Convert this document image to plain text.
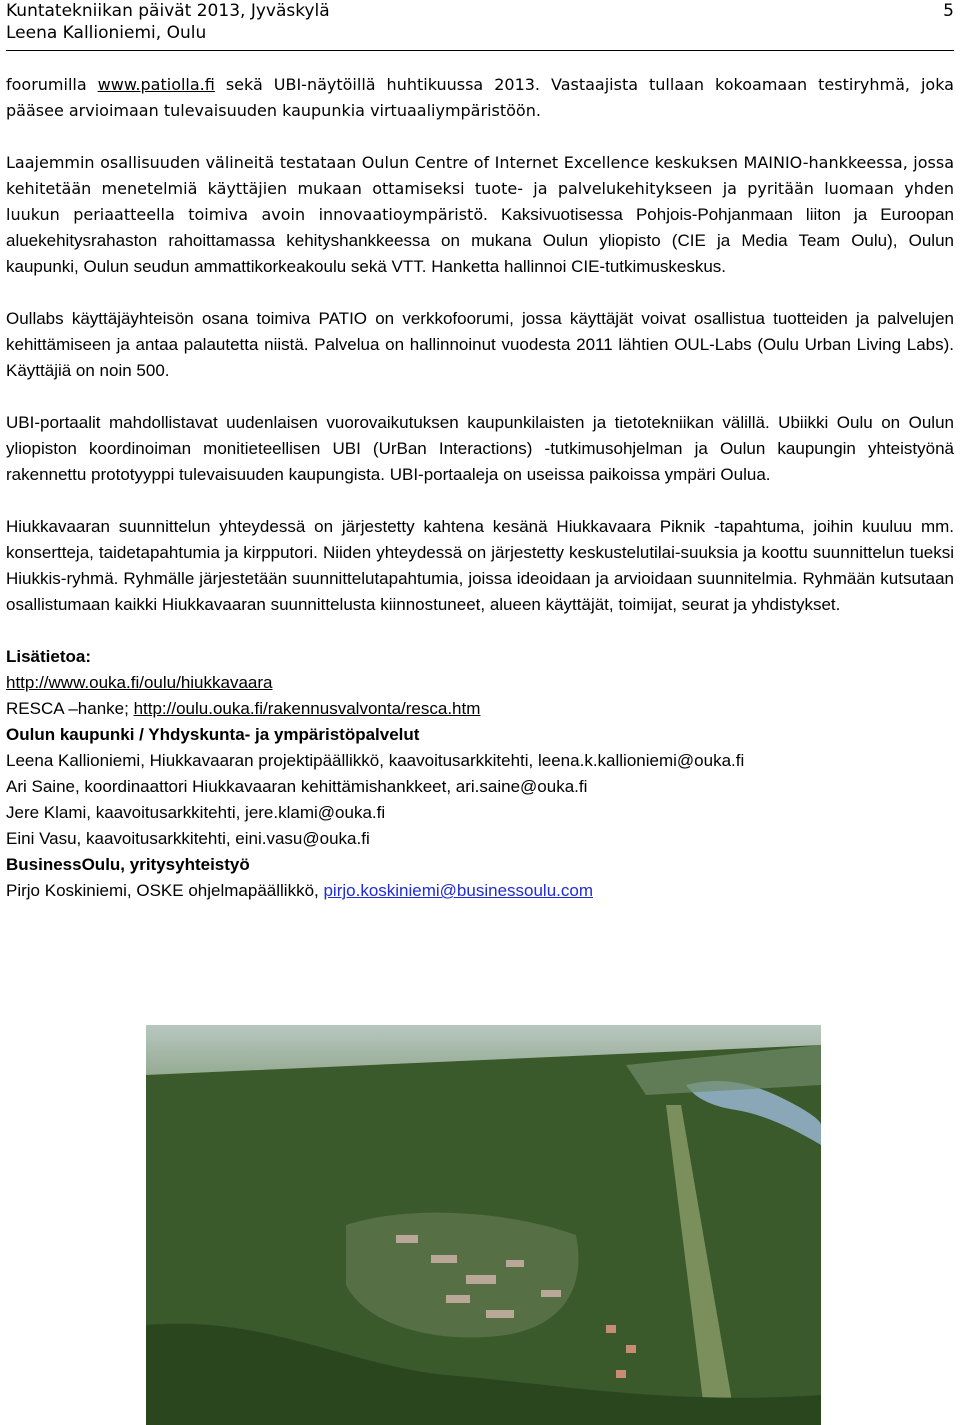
Kuntatekniikan päivät 2013, Jyväskylä
Leena Kallioniemi, Oulu
5

foorumilla www.patiolla.fi sekä UBI-näytöillä huhtikuussa 2013. Vastaajista tullaan kokoamaan testiryhmä, joka pääsee arvioimaan tulevaisuuden kaupunkia virtuaaliympäristöön.

Laajemmin osallisuuden välineitä testataan Oulun Centre of Internet Excellence keskuksen MAINIO-hankkeessa, jossa kehitetään menetelmiä käyttäjien mukaan ottamiseksi tuote- ja palvelukehitykseen ja pyritään luomaan yhden luukun periaatteella toimiva avoin innovaatioympäristö. Kaksivuotisessa Pohjois-Pohjanmaan liiton ja Euroopan aluekehitysrahaston rahoittamassa kehityshankkeessa on mukana Oulun yliopisto (CIE ja Media Team Oulu), Oulun kaupunki, Oulun seudun ammattikorkeakoulu sekä VTT. Hanketta hallinnoi CIE-tutkimuskeskus.

Oullabs käyttäjäyhteisön osana toimiva PATIO on verkkofoorumi, jossa käyttäjät voivat osallistua tuotteiden ja palvelujen kehittämiseen ja antaa palautetta niistä. Palvelua on hallinnoinut vuodesta 2011 lähtien OUL-Labs (Oulu Urban Living Labs). Käyttäjiä on noin 500.

UBI-portaalit mahdollistavat uudenlaisen vuorovaikutuksen kaupunkilaisten ja tietotekniikan välillä. Ubiikki Oulu on Oulun yliopiston koordinoiman monitieteellisen UBI (UrBan Interactions) -tutkimusohjelman ja Oulun kaupungin yhteistyönä rakennettu prototyyppi tulevaisuuden kaupungista. UBI-portaaleja on useissa paikoissa ympäri Oulua.

Hiukkavaaran suunnittelun yhteydessä on järjestetty kahtena kesänä Hiukkavaara Piknik -tapahtuma, joihin kuuluu mm. konsertteja, taidetapahtumia ja kirpputori. Niiden yhteydessä on järjestetty keskustelutilai-suuksia ja koottu suunnittelun tueksi Hiukkis-ryhmä. Ryhmälle järjestetään suunnittelutapahtumia, joissa ideoidaan ja arvioidaan suunnitelmia. Ryhmään kutsutaan osallistumaan kaikki Hiukkavaaran suunnittelusta kiinnostuneet, alueen käyttäjät, toimijat, seurat ja yhdistykset.

Lisätietoa:

http://www.ouka.fi/oulu/hiukkavaara

RESCA –hanke; http://oulu.ouka.fi/rakennusvalvonta/resca.htm

Oulun kaupunki / Yhdyskunta- ja ympäristöpalvelut

Leena Kallioniemi, Hiukkavaaran projektipäällikkö, kaavoitusarkkitehti, leena.k.kallioniemi@ouka.fi

Ari Saine, koordinaattori Hiukkavaaran kehittämishankkeet, ari.saine@ouka.fi

Jere Klami, kaavoitusarkkitehti, jere.klami@ouka.fi

Eini Vasu, kaavoitusarkkitehti, eini.vasu@ouka.fi

BusinessOulu, yritysyhteistyö

Pirjo Koskiniemi, OSKE ohjelmapäällikkö, pirjo.koskiniemi@businessoulu.com
